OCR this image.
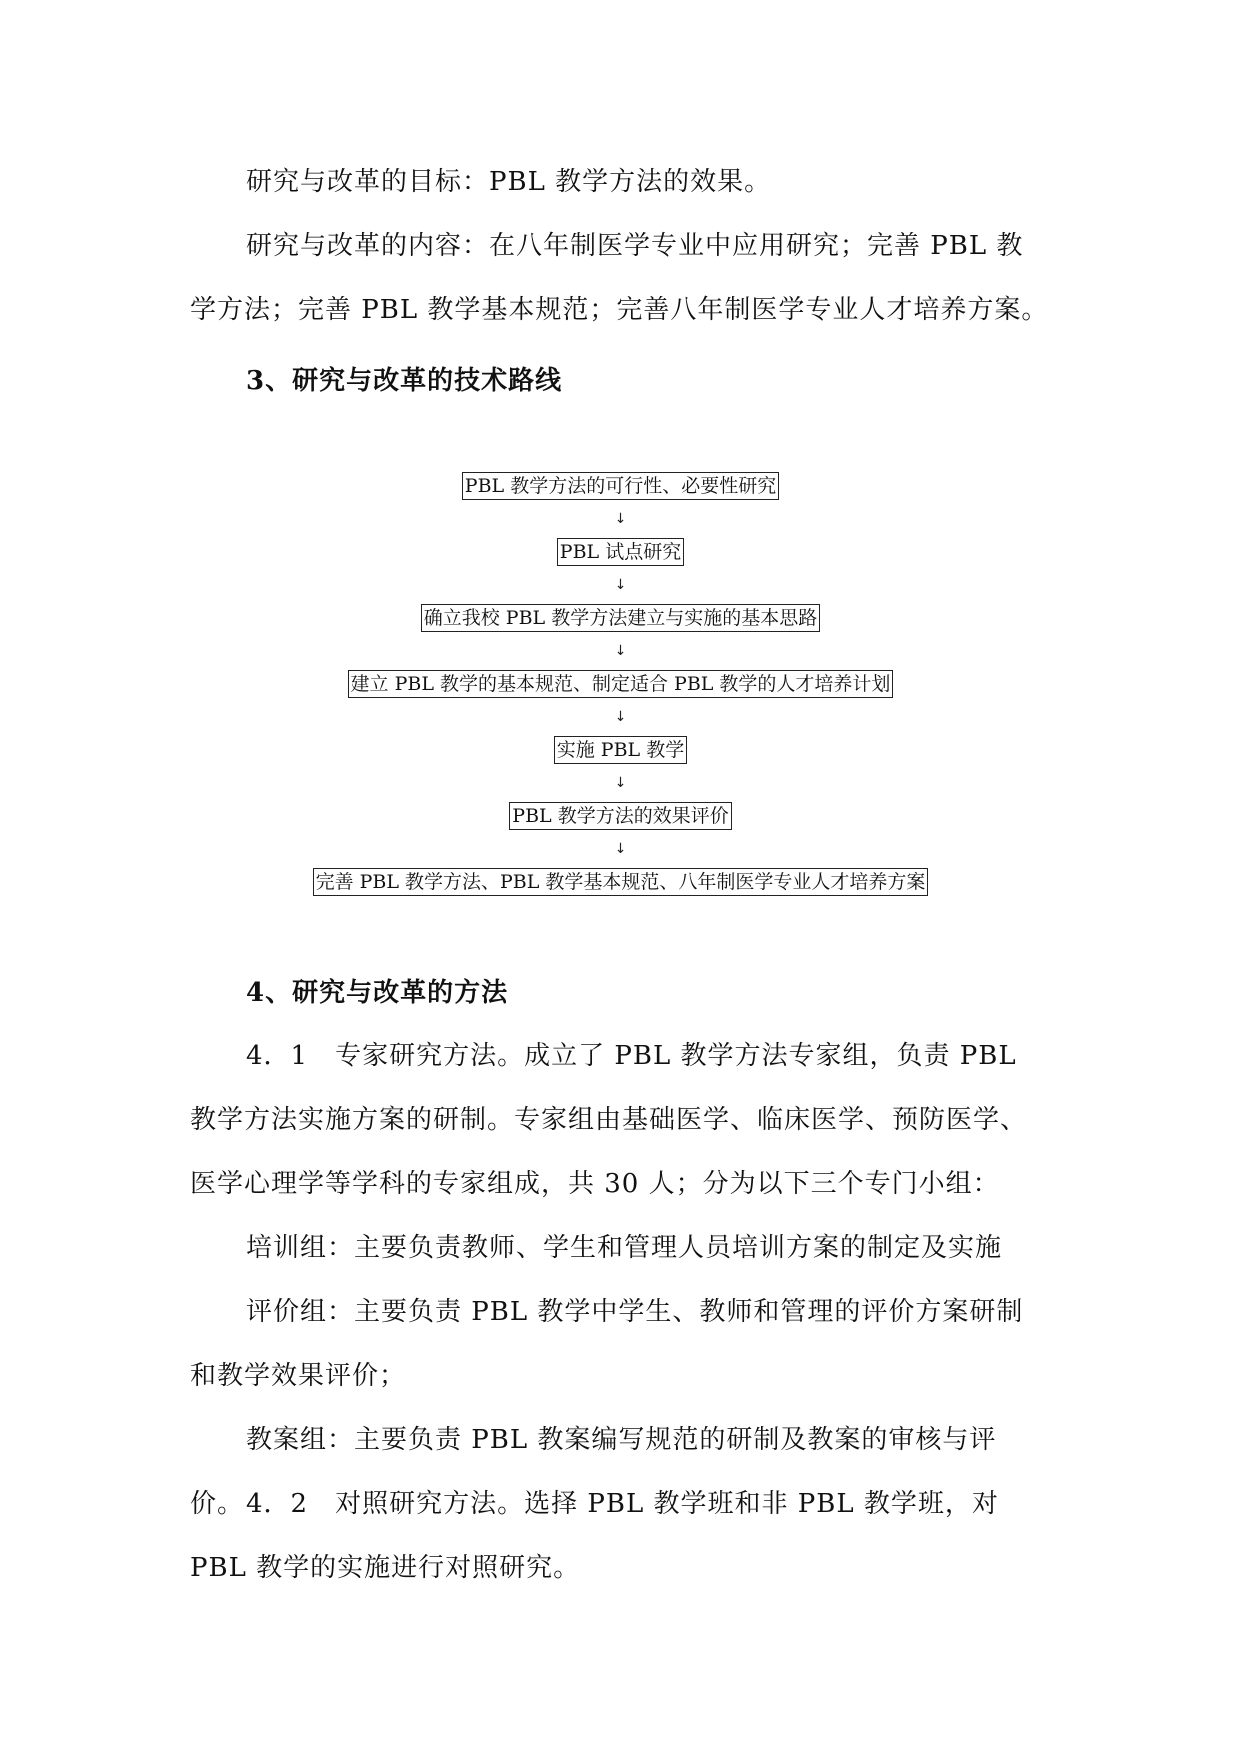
研究与改革的目标：PBL 教学方法的效果。

研究与改革的内容：在八年制医学专业中应用研究；完善 PBL 教学方法；完善 PBL 教学基本规范；完善八年制医学专业人才培养方案。

3、研究与改革的技术路线

PBL 教学方法的可行性、必要性研究
↓
PBL 试点研究
↓
确立我校 PBL 教学方法建立与实施的基本思路
↓
建立 PBL 教学的基本规范、制定适合 PBL 教学的人才培养计划
↓
实施 PBL 教学
↓
PBL 教学方法的效果评价
↓
完善 PBL 教学方法、PBL 教学基本规范、八年制医学专业人才培养方案

4、研究与改革的方法

4．1　专家研究方法。成立了 PBL 教学方法专家组，负责 PBL 教学方法实施方案的研制。专家组由基础医学、临床医学、预防医学、医学心理学等学科的专家组成，共 30 人；分为以下三个专门小组：

培训组：主要负责教师、学生和管理人员培训方案的制定及实施

评价组：主要负责 PBL 教学中学生、教师和管理的评价方案研制和教学效果评价；

教案组：主要负责 PBL 教案编写规范的研制及教案的审核与评价。 4．2　对照研究方法。选择 PBL 教学班和非 PBL 教学班，对 PBL 教学的实施进行对照研究。
